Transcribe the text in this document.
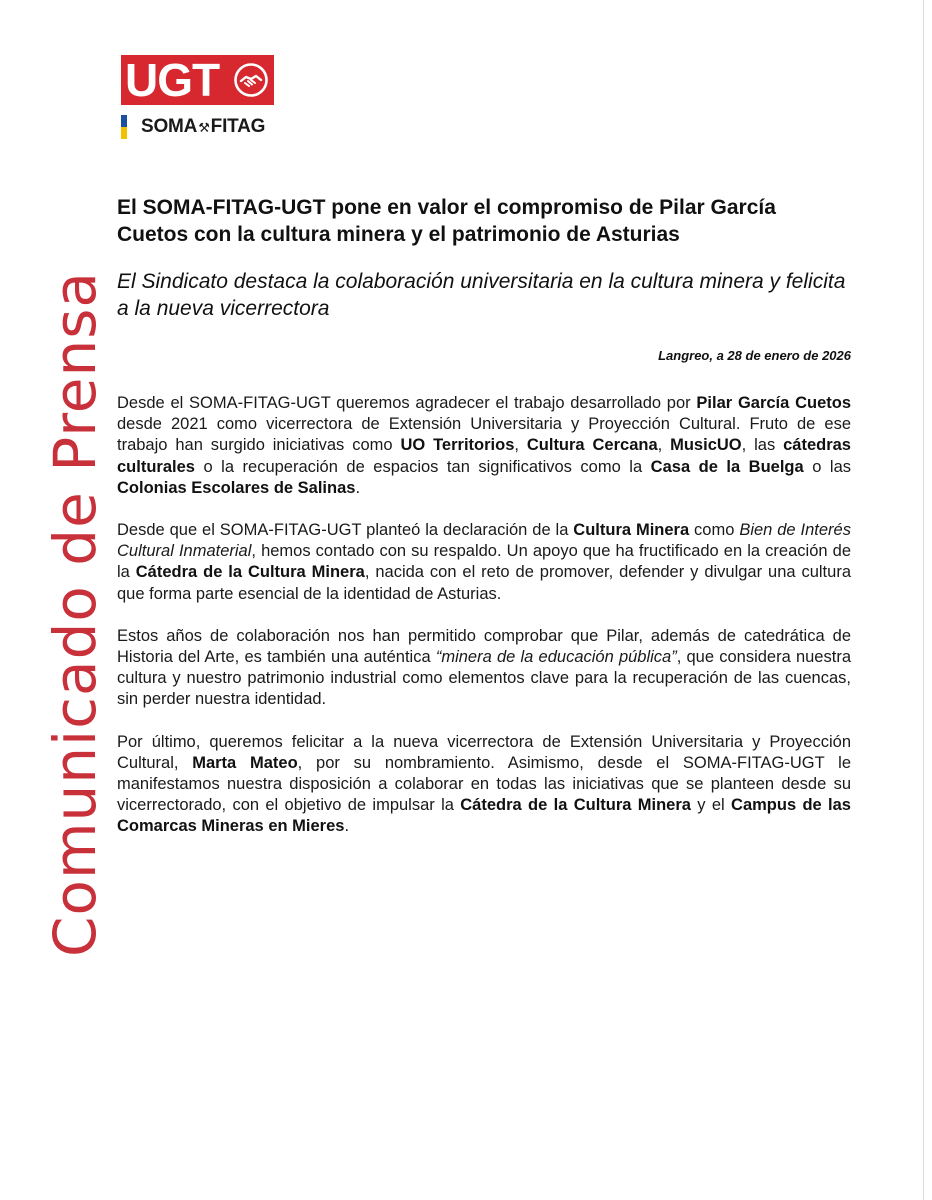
UGT
SOMA⚒FITAG
Comunicado de Prensa
El SOMA-FITAG-UGT pone en valor el compromiso de Pilar García Cuetos con la cultura minera y el patrimonio de Asturias

El Sindicato destaca la colaboración universitaria en la cultura minera y felicita a la nueva vicerrectora

Langreo, a 28 de enero de 2026

Desde el SOMA-FITAG-UGT queremos agradecer el trabajo desarrollado por Pilar García Cuetos desde 2021 como vicerrectora de Extensión Universitaria y Proyección Cultural. Fruto de ese trabajo han surgido iniciativas como UO Territorios, Cultura Cercana, MusicUO, las cátedras culturales o la recuperación de espacios tan significativos como la Casa de la Buelga o las Colonias Escolares de Salinas.

Desde que el SOMA-FITAG-UGT planteó la declaración de la Cultura Minera como Bien de Interés Cultural Inmaterial, hemos contado con su respaldo. Un apoyo que ha fructificado en la creación de la Cátedra de la Cultura Minera, nacida con el reto de promover, defender y divulgar una cultura que forma parte esencial de la identidad de Asturias.

Estos años de colaboración nos han permitido comprobar que Pilar, además de catedrática de Historia del Arte, es también una auténtica “minera de la educación pública”, que considera nuestra cultura y nuestro patrimonio industrial como elementos clave para la recuperación de las cuencas, sin perder nuestra identidad.

Por último, queremos felicitar a la nueva vicerrectora de Extensión Universitaria y Proyección Cultural, Marta Mateo, por su nombramiento. Asimismo, desde el SOMA-FITAG-UGT le manifestamos nuestra disposición a colaborar en todas las iniciativas que se planteen desde su vicerrectorado, con el objetivo de impulsar la Cátedra de la Cultura Minera y el Campus de las Comarcas Mineras en Mieres.
